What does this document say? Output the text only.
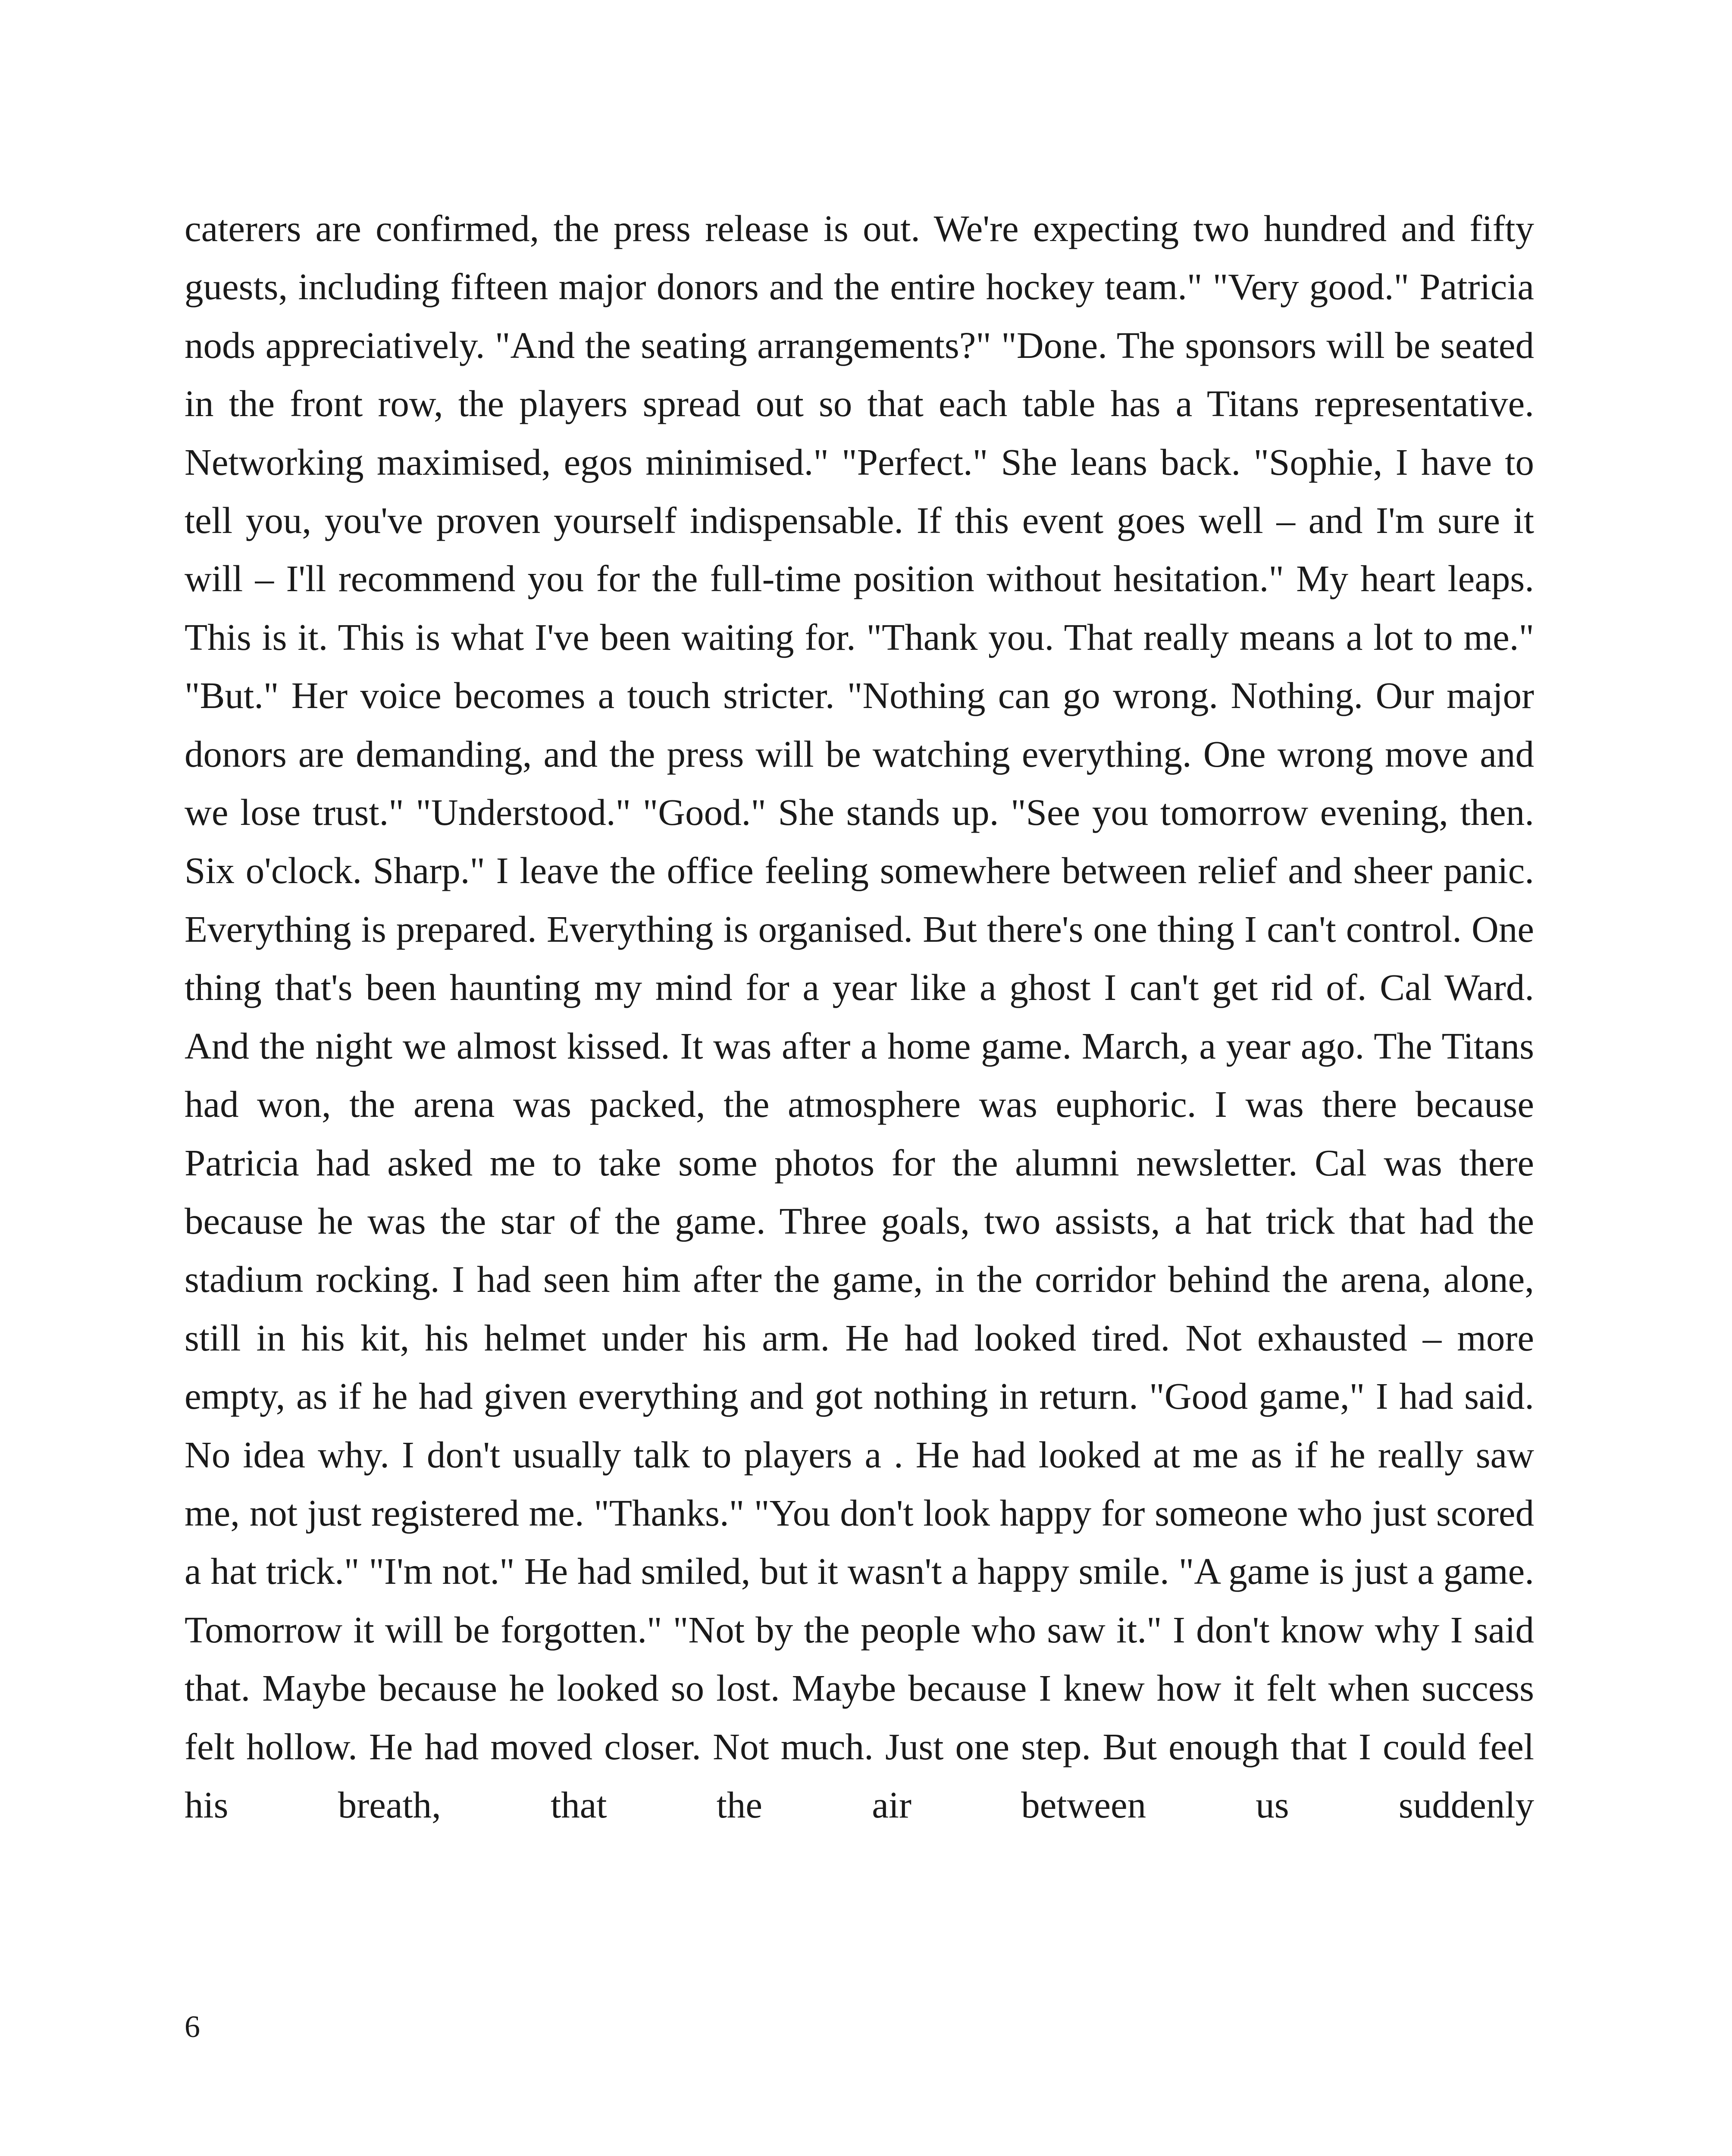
caterers are confirmed, the press release is out. We're expecting two hundred and fifty guests, including fifteen major donors and the entire hockey team." "Very good." Patricia nods appreciatively. "And the seating arrangements?" "Done. The sponsors will be seated in the front row, the players spread out so that each table has a Titans representative. Networking maximised, egos minimised." "Perfect." She leans back. "Sophie, I have to tell you, you've proven yourself indispensable. If this event goes well – and I'm sure it will – I'll recommend you for the full-time position without hesitation." My heart leaps. This is it. This is what I've been waiting for. "Thank you. That really means a lot to me." "But." Her voice becomes a touch stricter. "Nothing can go wrong. Nothing. Our major donors are demanding, and the press will be watching everything. One wrong move and we lose trust." "Understood." "Good." She stands up. "See you tomorrow evening, then. Six o'clock. Sharp." I leave the office feeling somewhere between relief and sheer panic. Everything is prepared. Everything is organised. But there's one thing I can't control. One thing that's been haunting my mind for a year like a ghost I can't get rid of. Cal Ward. And the night we almost kissed. It was after a home game. March, a year ago. The Titans had won, the arena was packed, the atmosphere was euphoric. I was there because Patricia had asked me to take some photos for the alumni newsletter. Cal was there because he was the star of the game. Three goals, two assists, a hat trick that had the stadium rocking. I had seen him after the game, in the corridor behind the arena, alone, still in his kit, his helmet under his arm. He had looked tired. Not exhausted – more empty, as if he had given everything and got nothing in return. "Good game," I had said. No idea why. I don't usually talk to players a . He had looked at me as if he really saw me, not just registered me. "Thanks." "You don't look happy for someone who just scored a hat trick." "I'm not." He had smiled, but it wasn't a happy smile. "A game is just a game. Tomorrow it will be forgotten." "Not by the people who saw it." I don't know why I said that. Maybe because he looked so lost. Maybe because I knew how it felt when success felt hollow. He had moved closer. Not much. Just one step. But enough that I could feel his breath, that the air between us suddenly

6
